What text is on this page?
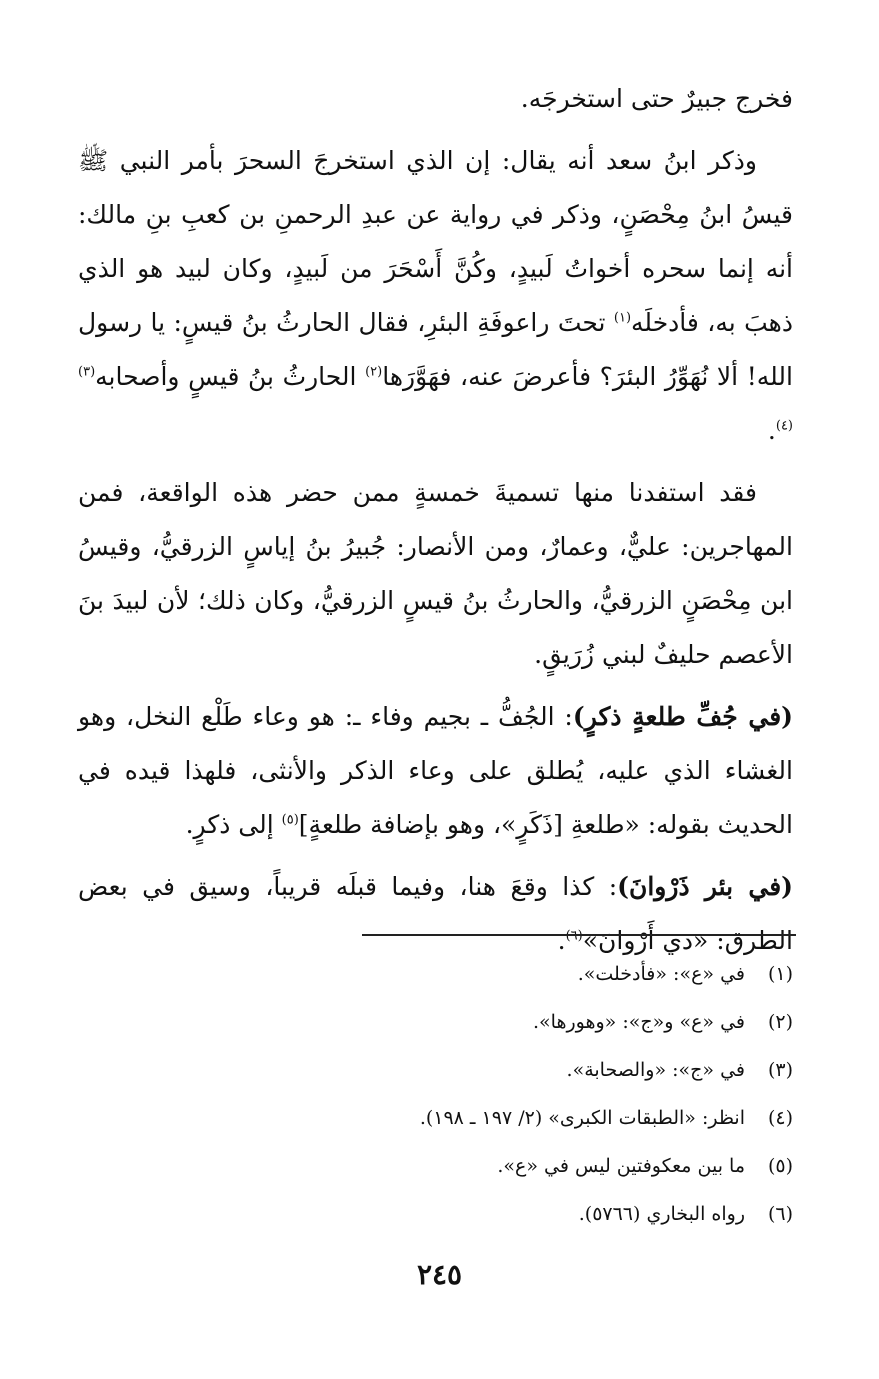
فخرج جبيرٌ حتى استخرجَه.

وذكر ابنُ سعد أنه يقال: إن الذي استخرجَ السحرَ بأمر النبي ﷺ قيسُ ابنُ مِحْصَنٍ، وذكر في رواية عن عبدِ الرحمنِ بن كعبِ بنِ مالك: أنه إنما سحره أخواتُ لَبيدٍ، وكُنَّ أَسْحَرَ من لَبيدٍ، وكان لبيد هو الذي ذهبَ به، فأدخلَه$^{(١)}$ تحتَ راعوفَةِ البئرِ، فقال الحارثُ بنُ قيسٍ: يا رسول الله! ألا نُهَوِّرُ البئرَ؟ فأعرضَ عنه، فهَوَّرَها$^{(٢)}$ الحارثُ بنُ قيسٍ وأصحابه$^{(٣)(٤)}$.

فقد استفدنا منها تسميةَ خمسةٍ ممن حضر هذه الواقعة، فمن المهاجرين: عليٌّ، وعمارٌ، ومن الأنصار: جُبيرُ بنُ إياسٍ الزرقيُّ، وقيسُ ابن مِحْصَنٍ الزرقيُّ، والحارثُ بنُ قيسٍ الزرقيُّ، وكان ذلك؛ لأن لبيدَ بنَ الأعصم حليفٌ لبني زُرَيقٍ.

(في جُفِّ طلعةٍ ذكرٍ): الجُفُّ ـ بجيم وفاء ـ: هو وعاء طَلْع النخل، وهو الغشاء الذي عليه، يُطلق على وعاء الذكر والأنثى، فلهذا قيده في الحديث بقوله: «طلعةِ [ذَكَرٍ»، وهو بإضافة طلعةٍ]$^{(٥)}$ إلى ذكرٍ.

(في بئر ذَرْوانَ): كذا وقعَ هنا، وفيما قبلَه قريباً، وسيق في بعض الطرق: «ذي أَرْوانَ»$^{(٦)}$.

(١)
في «ع»: «فأدخلت».
(٢)
في «ع» و«ج»: «وهورها».
(٣)
في «ج»: «والصحابة».
(٤)
انظر: «الطبقات الكبرى» (٢/ ١٩٧ ـ ١٩٨).
(٥)
ما بين معكوفتين ليس في «ع».
(٦)
رواه البخاري (٥٧٦٦).
٢٤٥
